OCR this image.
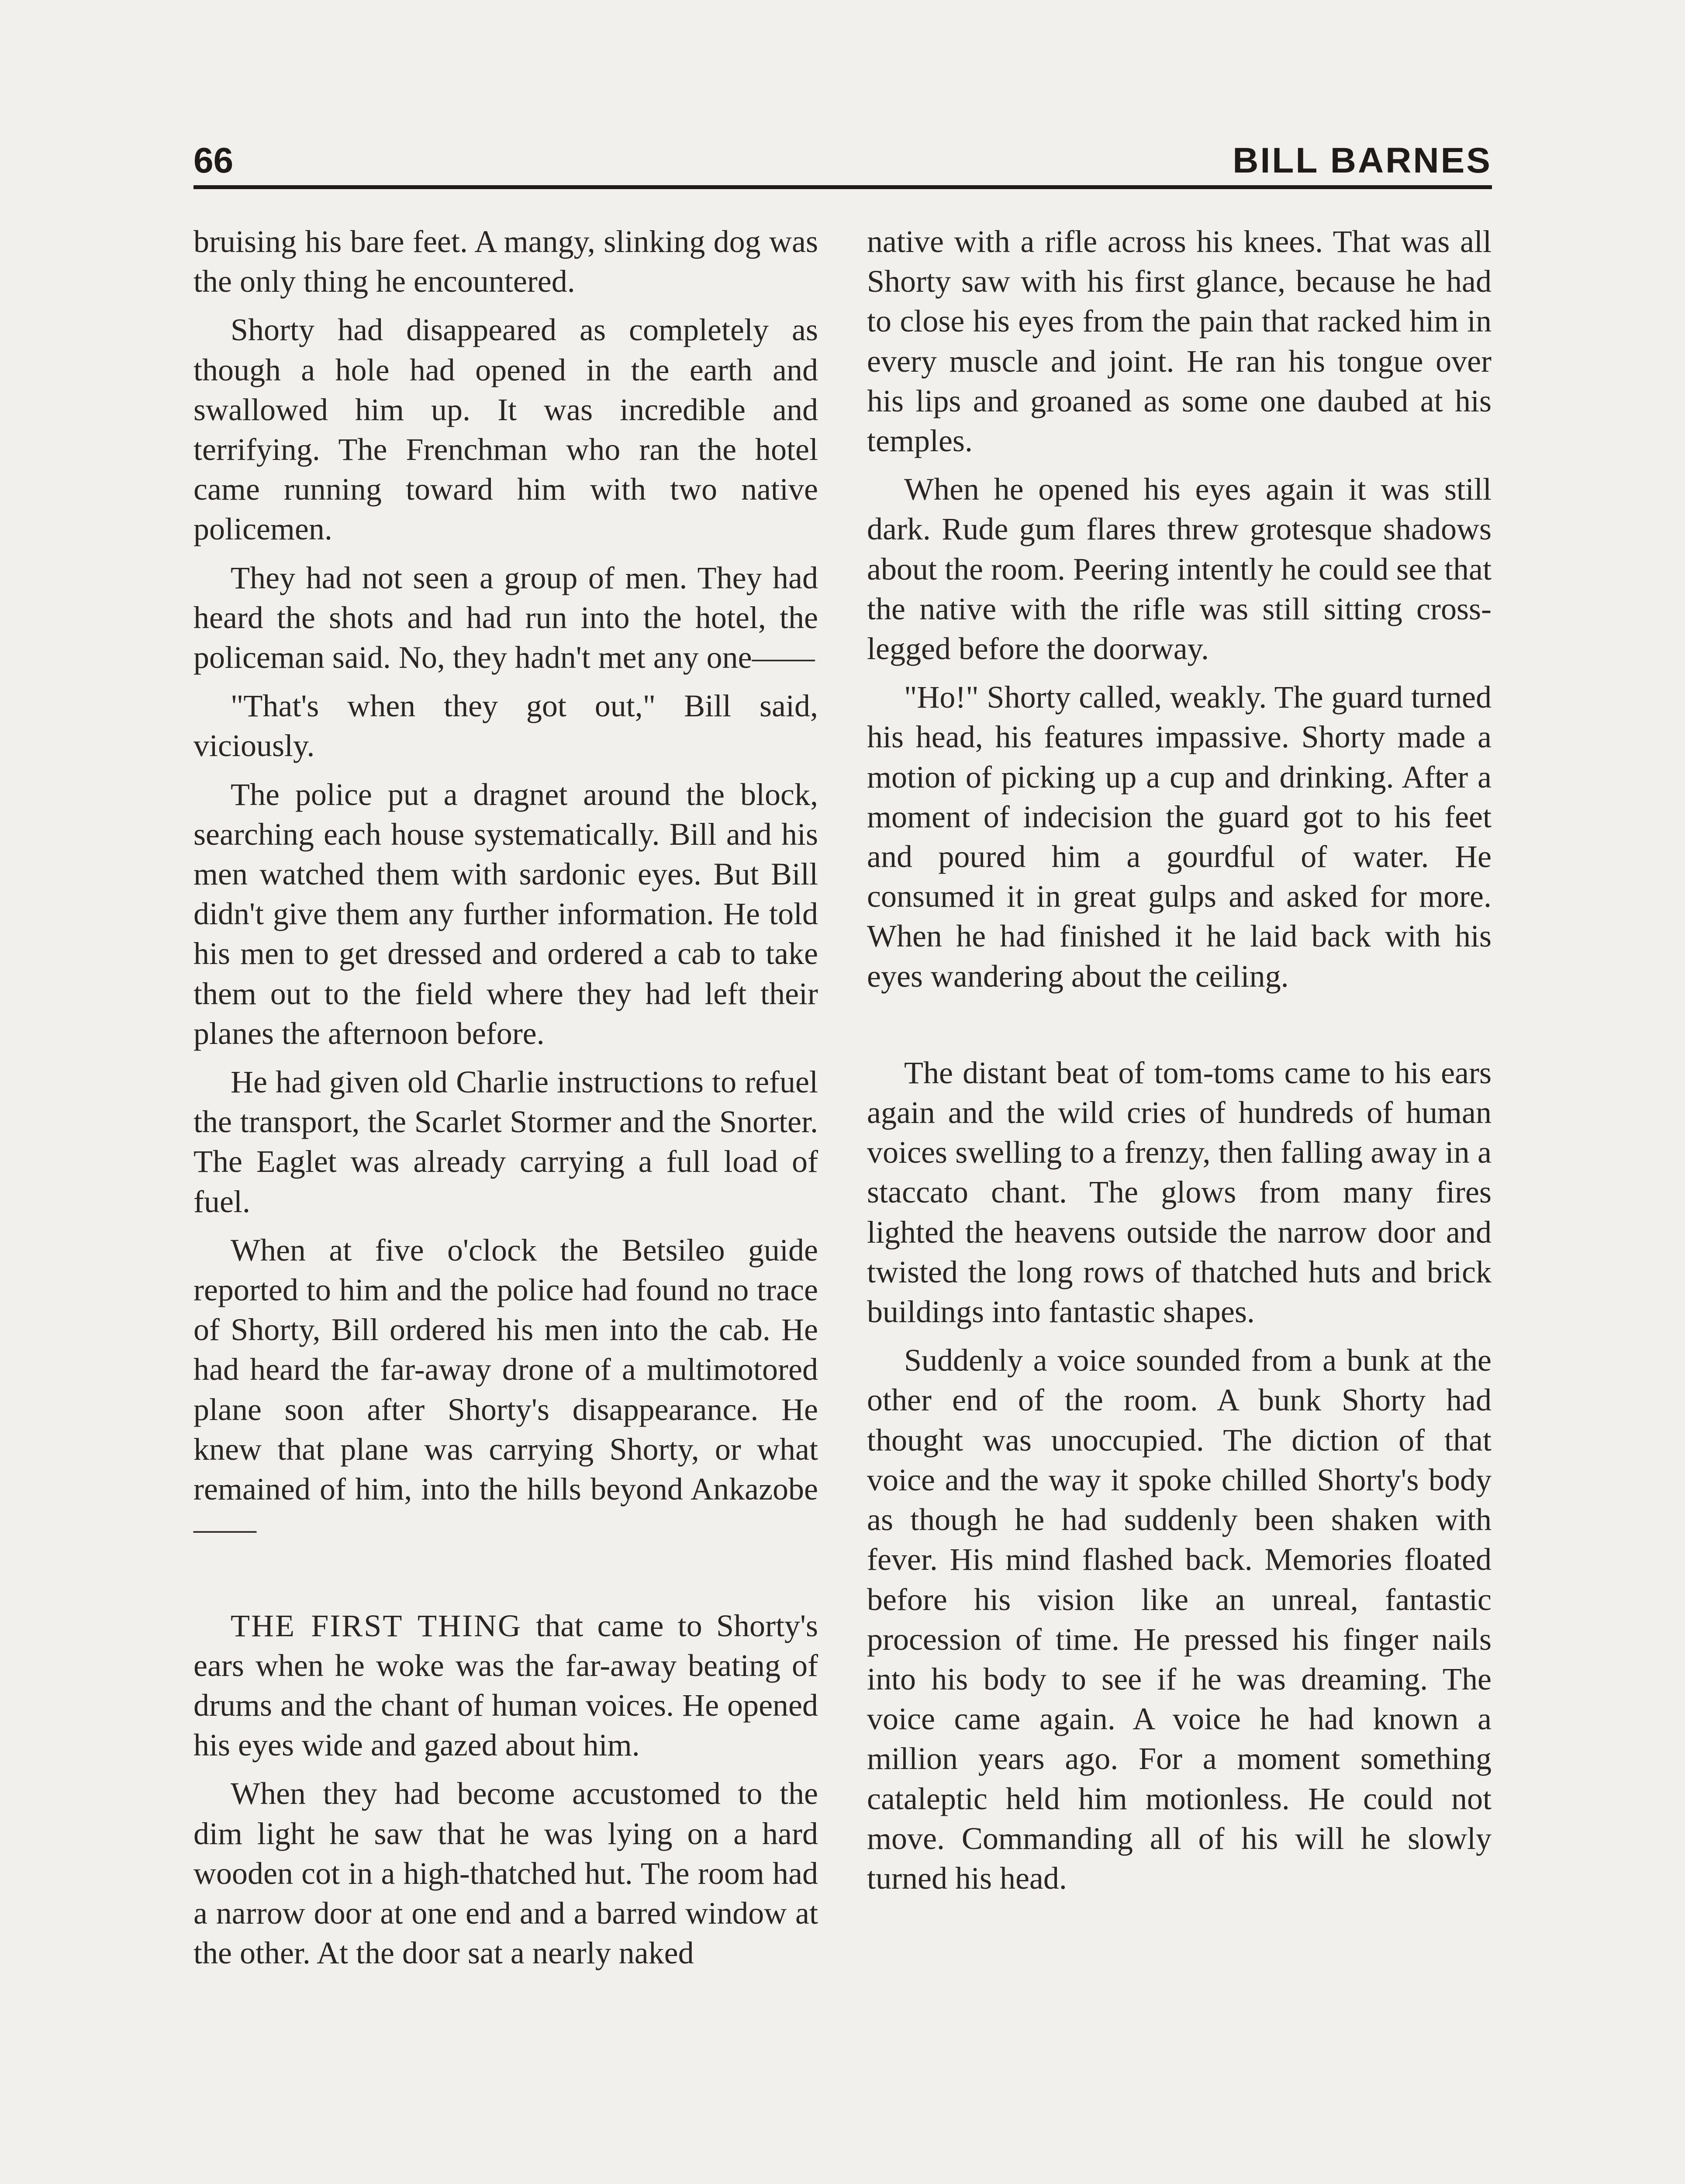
66	BILL BARNES

bruising his bare feet. A mangy, slinking dog was the only thing he encountered.

Shorty had disappeared as completely as though a hole had opened in the earth and swallowed him up. It was incredible and terrifying. The Frenchman who ran the hotel came running toward him with two native policemen.

They had not seen a group of men. They had heard the shots and had run into the hotel, the policeman said. No, they hadn't met any one——

"That's when they got out," Bill said, viciously.

The police put a dragnet around the block, searching each house systematically. Bill and his men watched them with sardonic eyes. But Bill didn't give them any further information. He told his men to get dressed and ordered a cab to take them out to the field where they had left their planes the afternoon before.

He had given old Charlie instructions to refuel the transport, the Scarlet Stormer and the Snorter. The Eaglet was already carrying a full load of fuel.

When at five o'clock the Betsileo guide reported to him and the police had found no trace of Shorty, Bill ordered his men into the cab. He had heard the far-away drone of a multimotored plane soon after Shorty's disappearance. He knew that plane was carrying Shorty, or what remained of him, into the hills beyond Ankazobe——

THE FIRST THING that came to Shorty's ears when he woke was the far-away beating of drums and the chant of human voices. He opened his eyes wide and gazed about him.

When they had become accustomed to the dim light he saw that he was lying on a hard wooden cot in a high-thatched hut. The room had a narrow door at one end and a barred window at the other. At the door sat a nearly naked

native with a rifle across his knees. That was all Shorty saw with his first glance, because he had to close his eyes from the pain that racked him in every muscle and joint. He ran his tongue over his lips and groaned as some one daubed at his temples.

When he opened his eyes again it was still dark. Rude gum flares threw grotesque shadows about the room. Peering intently he could see that the native with the rifle was still sitting cross-legged before the doorway.

"Ho!" Shorty called, weakly. The guard turned his head, his features impassive. Shorty made a motion of picking up a cup and drinking. After a moment of indecision the guard got to his feet and poured him a gourdful of water. He consumed it in great gulps and asked for more. When he had finished it he laid back with his eyes wandering about the ceiling.

The distant beat of tom-toms came to his ears again and the wild cries of hundreds of human voices swelling to a frenzy, then falling away in a staccato chant. The glows from many fires lighted the heavens outside the narrow door and twisted the long rows of thatched huts and brick buildings into fantastic shapes.

Suddenly a voice sounded from a bunk at the other end of the room. A bunk Shorty had thought was unoccupied. The diction of that voice and the way it spoke chilled Shorty's body as though he had suddenly been shaken with fever. His mind flashed back. Memories floated before his vision like an unreal, fantastic procession of time. He pressed his finger nails into his body to see if he was dreaming. The voice came again. A voice he had known a million years ago. For a moment something cataleptic held him motionless. He could not move. Commanding all of his will he slowly turned his head.
